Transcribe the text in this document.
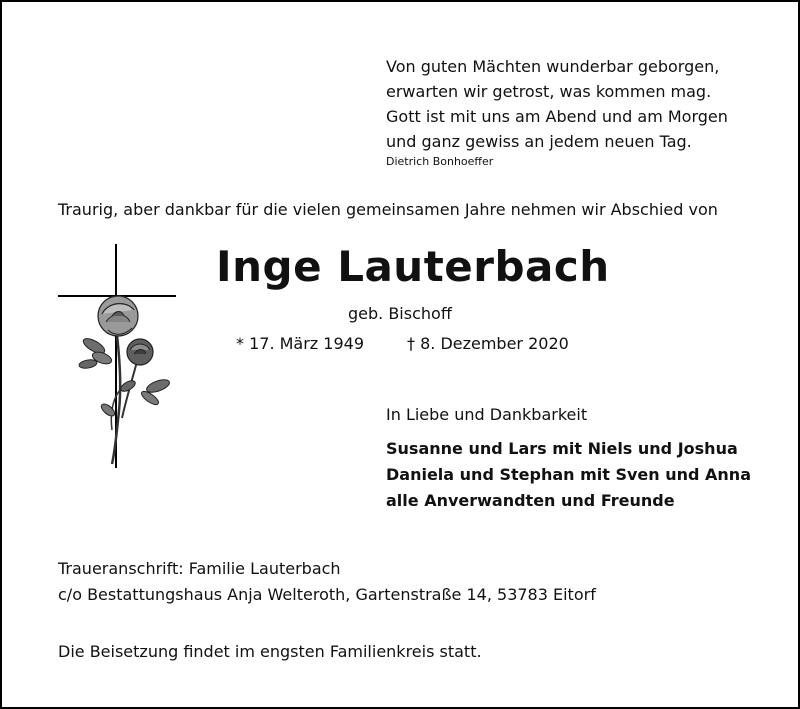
Von guten Mächten wunderbar geborgen,
erwarten wir getrost, was kommen mag.
Gott ist mit uns am Abend und am Morgen
und ganz gewiss an jedem neuen Tag.
Dietrich Bonhoeffer
Traurig, aber dankbar für die vielen gemeinsamen Jahre nehmen wir Abschied von
Inge Lauterbach
geb. Bischoff
* 17. März 1949	† 8. Dezember 2020
In Liebe und Dankbarkeit
Susanne und Lars mit Niels und Joshua
Daniela und Stephan mit Sven und Anna
alle Anverwandten und Freunde
Traueranschrift: Familie Lauterbach
c/o Bestattungshaus Anja Welteroth, Gartenstraße 14, 53783 Eitorf
Die Beisetzung findet im engsten Familienkreis statt.
